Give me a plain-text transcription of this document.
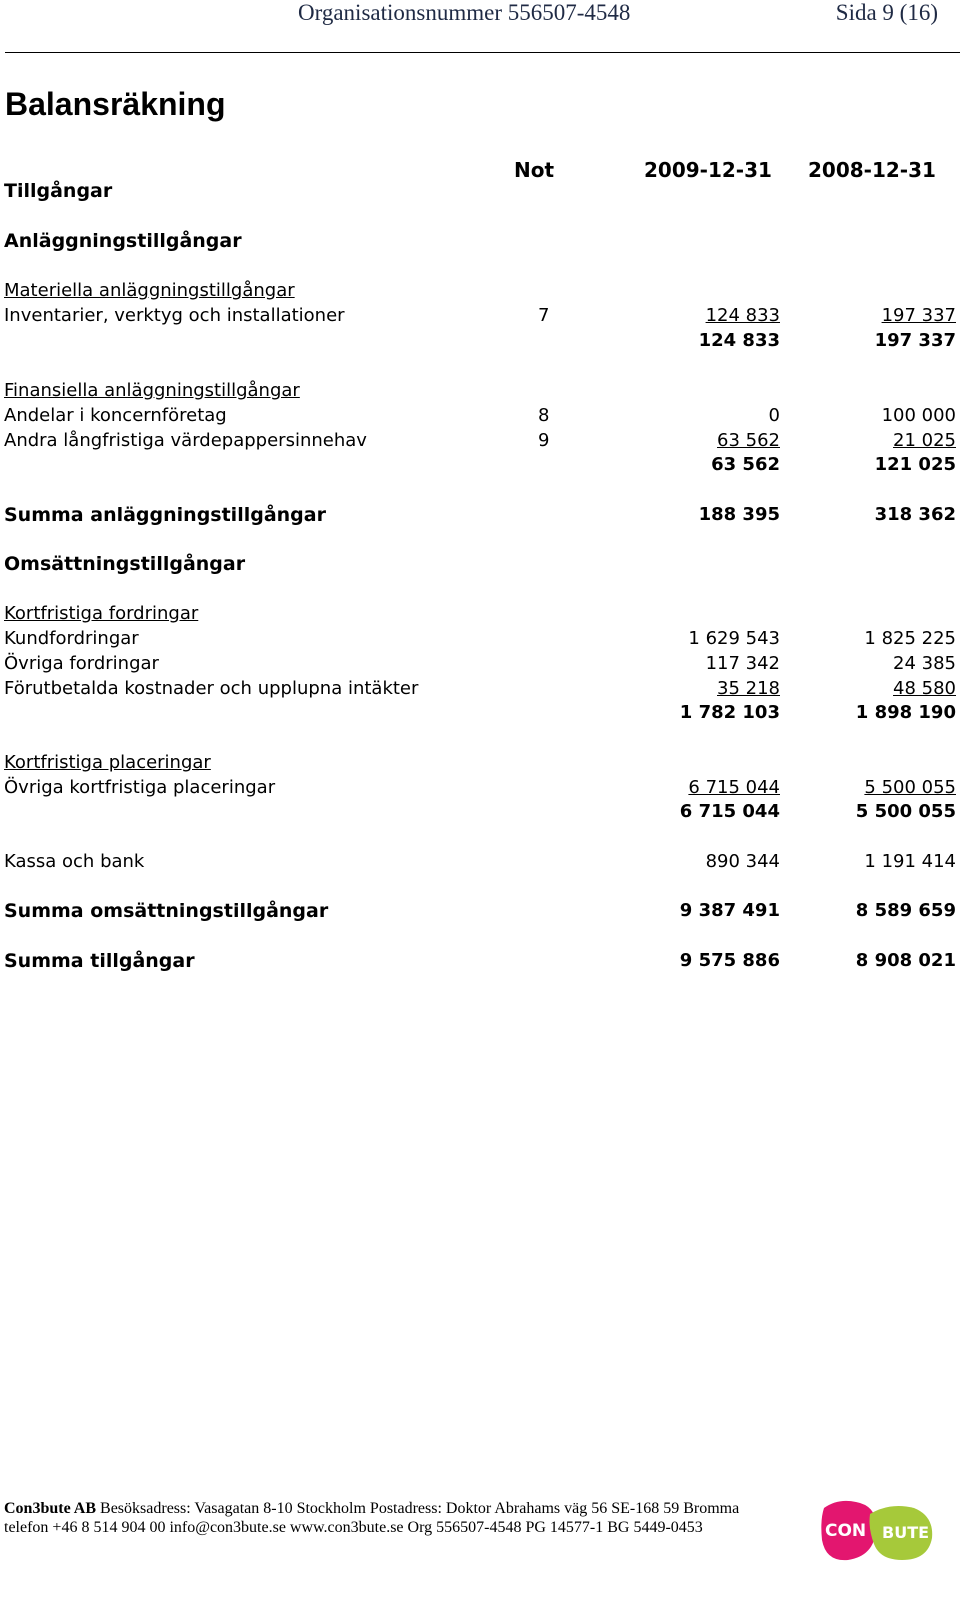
Organisationsnummer 556507-4548	Sida 9 (16)
Balansräkning
Not	2009-12-31 2008-12-31
Tillgångar
Anläggningstillgångar
Materiella anläggningstillgångar
Inventarier, verktyg och installationer	7	124 833	197 337
124 833	197 337
Finansiella anläggningstillgångar
Andelar i koncernföretag	8	0	100 000
Andra långfristiga värdepappersinnehav	9	63 562	21 025
63 562	121 025
Summa anläggningstillgångar	188 395	318 362
Omsättningstillgångar
Kortfristiga fordringar
Kundfordringar	1 629 543	1 825 225
Övriga fordringar	117 342	24 385
Förutbetalda kostnader och upplupna intäkter	35 218	48 580
1 782 103	1 898 190
Kortfristiga placeringar
Övriga kortfristiga placeringar	6 715 044	5 500 055
6 715 044	5 500 055
Kassa och bank	890 344	1 191 414
Summa omsättningstillgångar	9 387 491	8 589 659
Summa tillgångar	9 575 886	8 908 021
Con3bute AB Besöksadress: Vasagatan 8-10 Stockholm Postadress: Doktor Abrahams väg 56 SE-168 59 Bromma
telefon +46 8 514 904 00 info@con3bute.se www.con3bute.se Org 556507-4548 PG 14577-1 BG 5449-0453	CON BUTE
